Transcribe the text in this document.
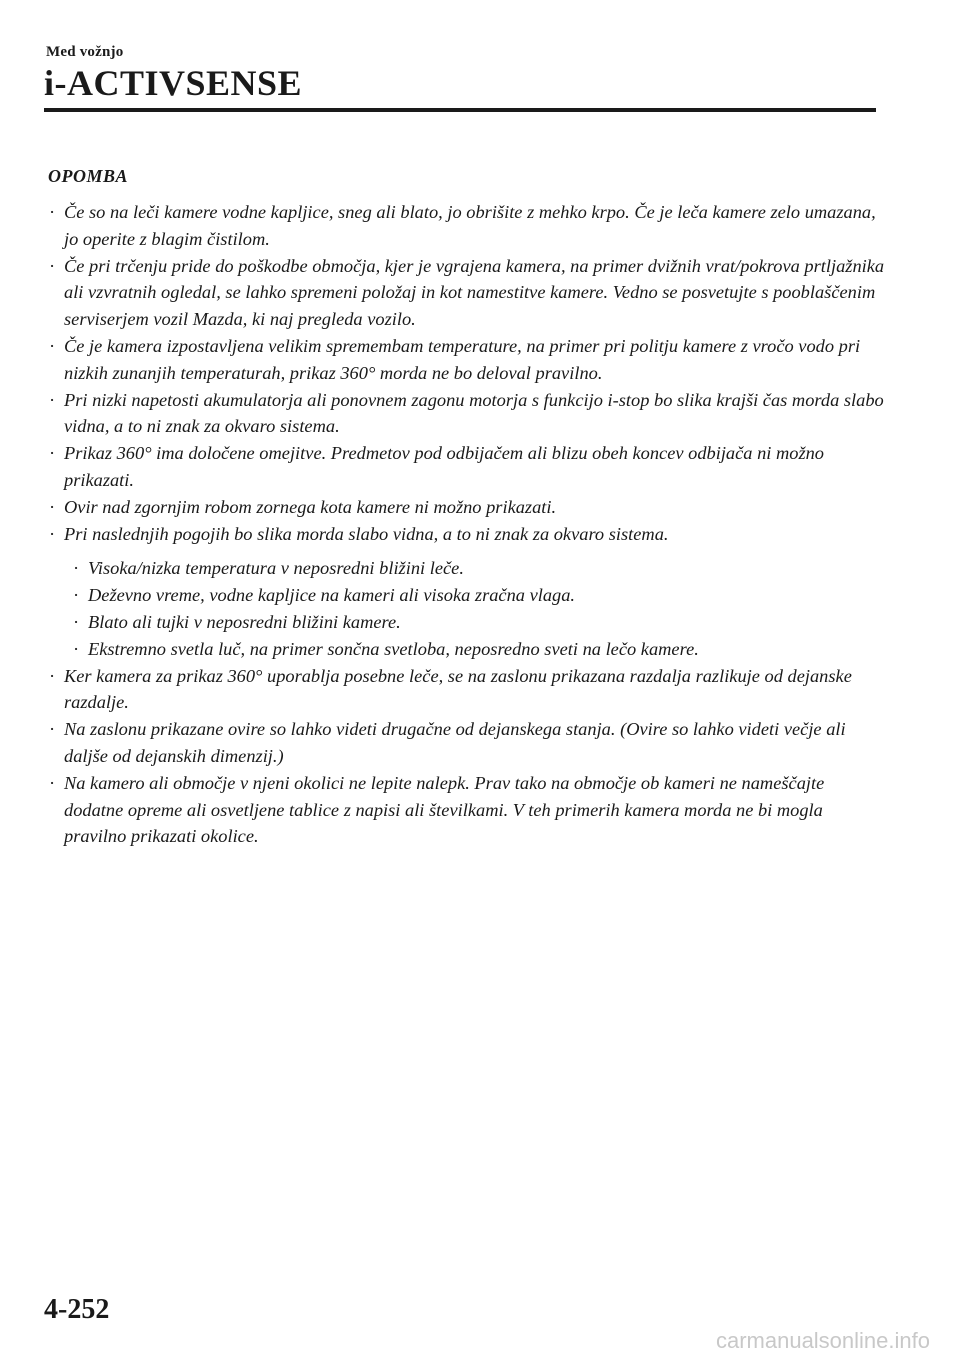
Med vožnjo
i-ACTIVSENSE
OPOMBA
· Če so na leči kamere vodne kapljice, sneg ali blato, jo obrišite z mehko krpo. Če je leča kamere zelo umazana, jo operite z blagim čistilom.
· Če pri trčenju pride do poškodbe območja, kjer je vgrajena kamera, na primer dvižnih vrat/pokrova prtljažnika ali vzvratnih ogledal, se lahko spremeni položaj in kot namestitve kamere. Vedno se posvetujte s pooblaščenim serviserjem vozil Mazda, ki naj pregleda vozilo.
· Če je kamera izpostavljena velikim spremembam temperature, na primer pri politju kamere z vročo vodo pri nizkih zunanjih temperaturah, prikaz 360° morda ne bo deloval pravilno.
· Pri nizki napetosti akumulatorja ali ponovnem zagonu motorja s funkcijo i-stop bo slika krajši čas morda slabo vidna, a to ni znak za okvaro sistema.
· Prikaz 360° ima določene omejitve. Predmetov pod odbijačem ali blizu obeh koncev odbijača ni možno prikazati.
· Ovir nad zgornjim robom zornega kota kamere ni možno prikazati.
· Pri naslednjih pogojih bo slika morda slabo vidna, a to ni znak za okvaro sistema.
· Visoka/nizka temperatura v neposredni bližini leče.
· Deževno vreme, vodne kapljice na kameri ali visoka zračna vlaga.
· Blato ali tujki v neposredni bližini kamere.
· Ekstremno svetla luč, na primer sončna svetloba, neposredno sveti na lečo kamere.
· Ker kamera za prikaz 360° uporablja posebne leče, se na zaslonu prikazana razdalja razlikuje od dejanske razdalje.
· Na zaslonu prikazane ovire so lahko videti drugačne od dejanskega stanja. (Ovire so lahko videti večje ali daljše od dejanskih dimenzij.)
· Na kamero ali območje v njeni okolici ne lepite nalepk. Prav tako na območje ob kameri ne nameščajte dodatne opreme ali osvetljene tablice z napisi ali številkami. V teh primerih kamera morda ne bi mogla pravilno prikazati okolice.
4-252
carmanualsonline.info
